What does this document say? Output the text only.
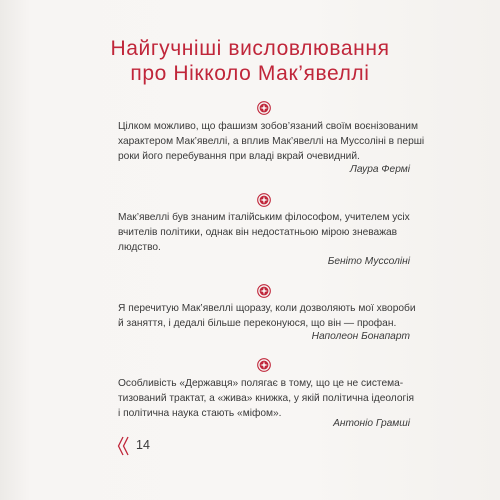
Найгучніші висловлювання
про Нікколо Мак’явеллі

Цілком можливо, що фашизм зобов’язаний своїм воєнізованим
характером Мак’явеллі, а вплив Мак’явеллі на Муссоліні в перші
роки його перебування при владі вкрай очевидний.

Лаура Фермі

Мак’явеллі був знаним італійським філософом, учителем усіх
вчителів політики, однак він недостатньою мірою зневажав
людство.

Беніто Муссоліні

Я перечитую Мак’явеллі щоразу, коли дозволяють мої хвороби
й заняття, і дедалі більше переконуюся, що він — профан.

Наполеон Бонапарт

Особливість «Державця» полягає в тому, що це не система-
тизований трактат, а «жива» книжка, у якій політична ідеологія
і політична наука стають «міфом».

Антоніо Грамші
14
